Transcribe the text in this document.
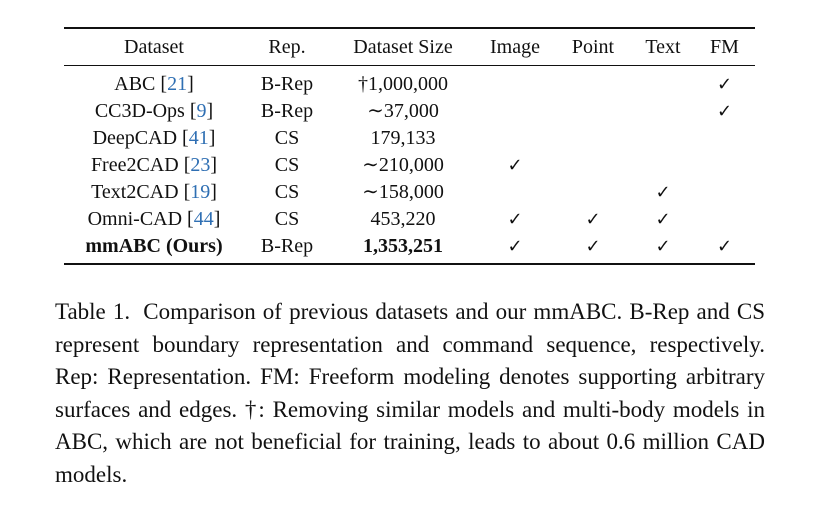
Dataset	Rep.	Dataset Size	Image	Point	Text	FM
ABC [21]	B-Rep	†1,000,000				✓
CC3D-Ops [9]	B-Rep	∼37,000				✓
DeepCAD [41]	CS	179,133				
Free2CAD [23]	CS	∼210,000	✓			
Text2CAD [19]	CS	∼158,000			✓	
Omni-CAD [44]	CS	453,220	✓	✓	✓	
mmABC (Ours)	B-Rep	1,353,251	✓	✓	✓	✓

Table 1. Comparison of previous datasets and our mmABC. B-Rep and CS represent boundary representation and command sequence, respectively. Rep: Representation. FM: Freeform modeling denotes supporting arbitrary surfaces and edges. †: Removing similar models and multi-body models in ABC, which are not beneficial for training, leads to about 0.6 million CAD models.
